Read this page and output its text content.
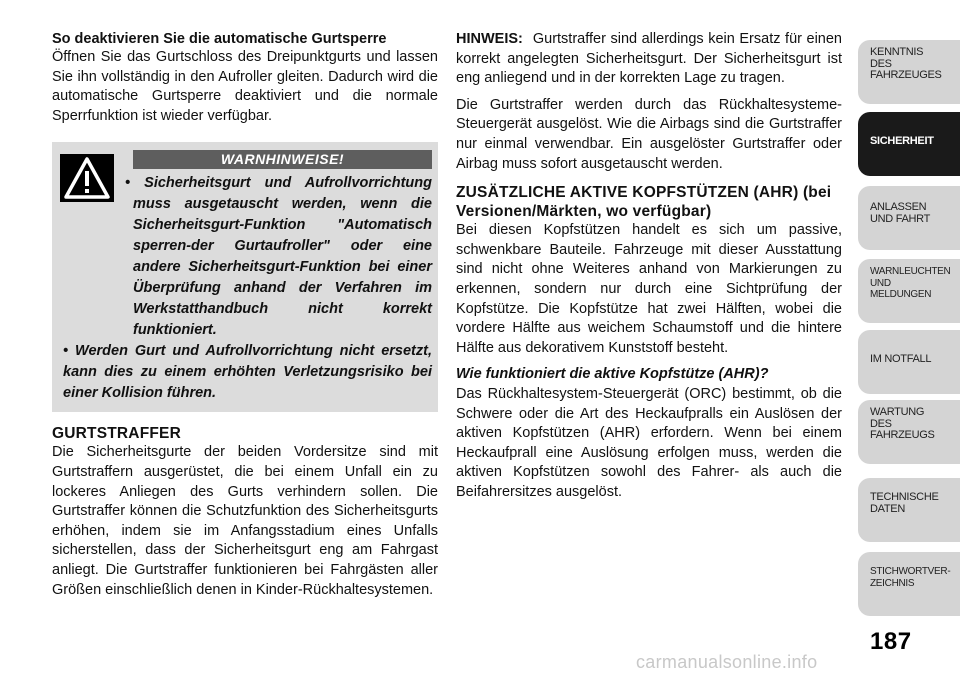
So deaktivieren Sie die automatische Gurtsperre

Öffnen Sie das Gurtschloss des Dreipunktgurts und lassen Sie ihn vollständig in den Aufroller gleiten. Dadurch wird die automatische Gurtsperre deaktiviert und die normale Sperrfunktion ist wieder verfügbar.

WARNHINWEISE!

• Sicherheitsgurt und Aufrollvorrichtung muss ausgetauscht werden, wenn die Sicherheitsgurt-Funktion "Automatisch sperren-der Gurtaufroller" oder eine andere Sicherheitsgurt-Funktion bei einer Überprüfung anhand der Verfahren im Werkstatthandbuch nicht korrekt funktioniert.

• Werden Gurt und Aufrollvorrichtung nicht ersetzt, kann dies zu einem erhöhten Verletzungsrisiko bei einer Kollision führen.

GURTSTRAFFER

Die Sicherheitsgurte der beiden Vordersitze sind mit Gurtstraffern ausgerüstet, die bei einem Unfall ein zu lockeres Anliegen des Gurts verhindern sollen. Die Gurtstraffer können die Schutzfunktion des Sicherheitsgurts erhöhen, indem sie im Anfangsstadium eines Unfalls sicherstellen, dass der Sicherheitsgurt eng am Fahrgast anliegt. Die Gurtstraffer funktionieren bei Fahrgästen aller Größen einschließlich denen in Kinder-Rückhaltesystemen.

HINWEIS: Gurtstraffer sind allerdings kein Ersatz für einen korrekt angelegten Sicherheitsgurt. Der Sicherheitsgurt ist eng anliegend und in der korrekten Lage zu tragen.

Die Gurtstraffer werden durch das Rückhaltesysteme-Steuergerät ausgelöst. Wie die Airbags sind die Gurtstraffer nur einmal verwendbar. Ein ausgelöster Gurtstraffer oder Airbag muss sofort ausgetauscht werden.

ZUSÄTZLICHE AKTIVE KOPFSTÜTZEN (AHR) (bei Versionen/Märkten, wo verfügbar)

Bei diesen Kopfstützen handelt es sich um passive, schwenkbare Bauteile. Fahrzeuge mit dieser Ausstattung sind nicht ohne Weiteres anhand von Markierungen zu erkennen, sondern nur durch eine Sichtprüfung der Kopfstütze. Die Kopfstütze hat zwei Hälften, wobei die vordere Hälfte aus weichem Schaumstoff und die hintere Hälfte aus dekorativem Kunststoff besteht.

Wie funktioniert die aktive Kopfstütze (AHR)?

Das Rückhaltesystem-Steuergerät (ORC) bestimmt, ob die Schwere oder die Art des Heckaufpralls ein Auslösen der aktiven Kopfstützen (AHR) erfordern. Wenn bei einem Heckaufprall eine Auslösung erfolgen muss, werden die aktiven Kopfstützen sowohl des Fahrer- als auch die Beifahrersitzes ausgelöst.

KENNTNIS
DES
FAHRZEUGES
SICHERHEIT
ANLASSEN
UND FAHRT
WARNLEUCHTEN
UND
MELDUNGEN
IM NOTFALL
WARTUNG
DES
FAHRZEUGS
TECHNISCHE
DATEN
STICHWORTVER-
ZEICHNIS
187
carmanualsonline.info
